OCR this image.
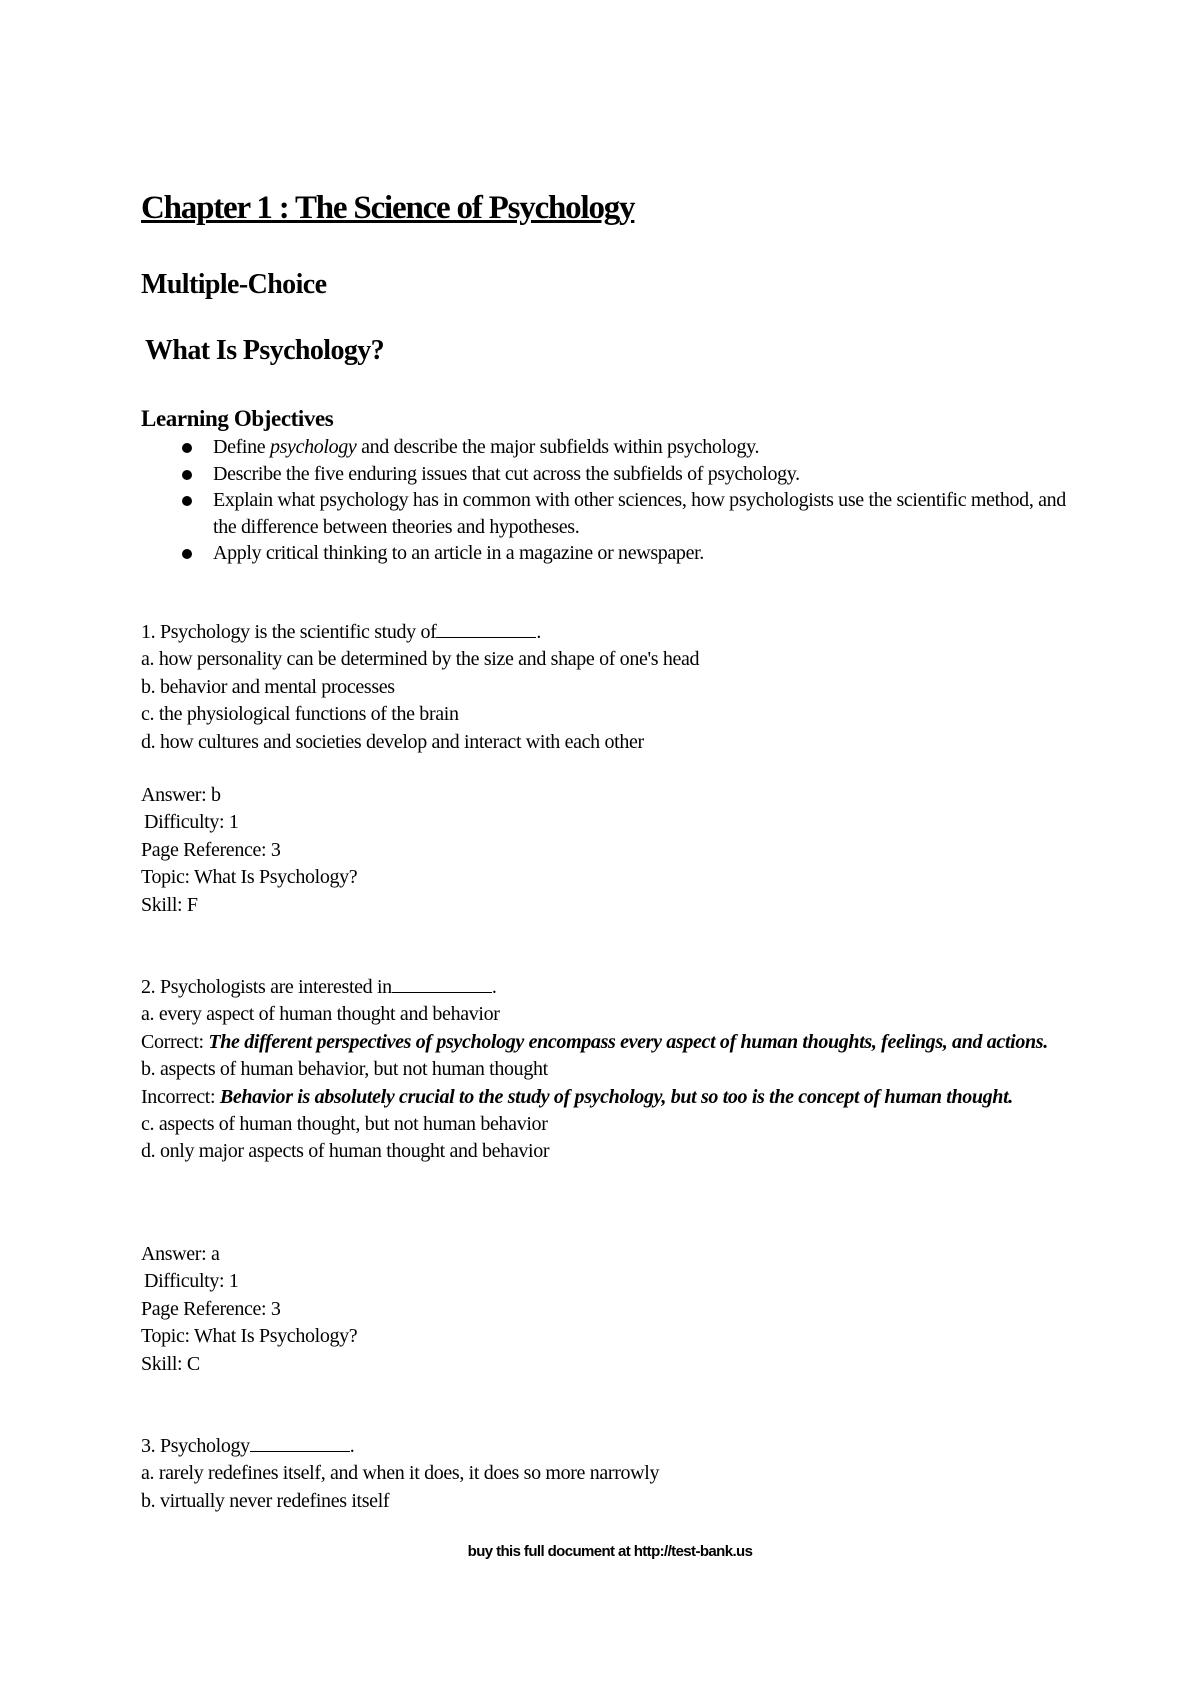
Chapter 1 : The Science of Psychology
Multiple-Choice
What Is Psychology?
Learning Objectives
Define psychology and describe the major subfields within psychology.
Describe the five enduring issues that cut across the subfields of psychology.
Explain what psychology has in common with other sciences, how psychologists use the scientific method, and the difference between theories and hypotheses.
Apply critical thinking to an article in a magazine or newspaper.
1. Psychology is the scientific study of	.
a. how personality can be determined by the size and shape of one's head
b. behavior and mental processes
c. the physiological functions of the brain
d. how cultures and societies develop and interact with each other
Answer: b
Difficulty: 1
Page Reference: 3
Topic: What Is Psychology?
Skill: F
2. Psychologists are interested in	.
a. every aspect of human thought and behavior
Correct: The different perspectives of psychology encompass every aspect of human thoughts, feelings, and actions.
b. aspects of human behavior, but not human thought
Incorrect: Behavior is absolutely crucial to the study of psychology, but so too is the concept of human thought.
c. aspects of human thought, but not human behavior
d. only major aspects of human thought and behavior
Answer: a
Difficulty: 1
Page Reference: 3
Topic: What Is Psychology?
Skill: C
3. Psychology	.
a. rarely redefines itself, and when it does, it does so more narrowly
b. virtually never redefines itself
buy this full document at http://test-bank.us
